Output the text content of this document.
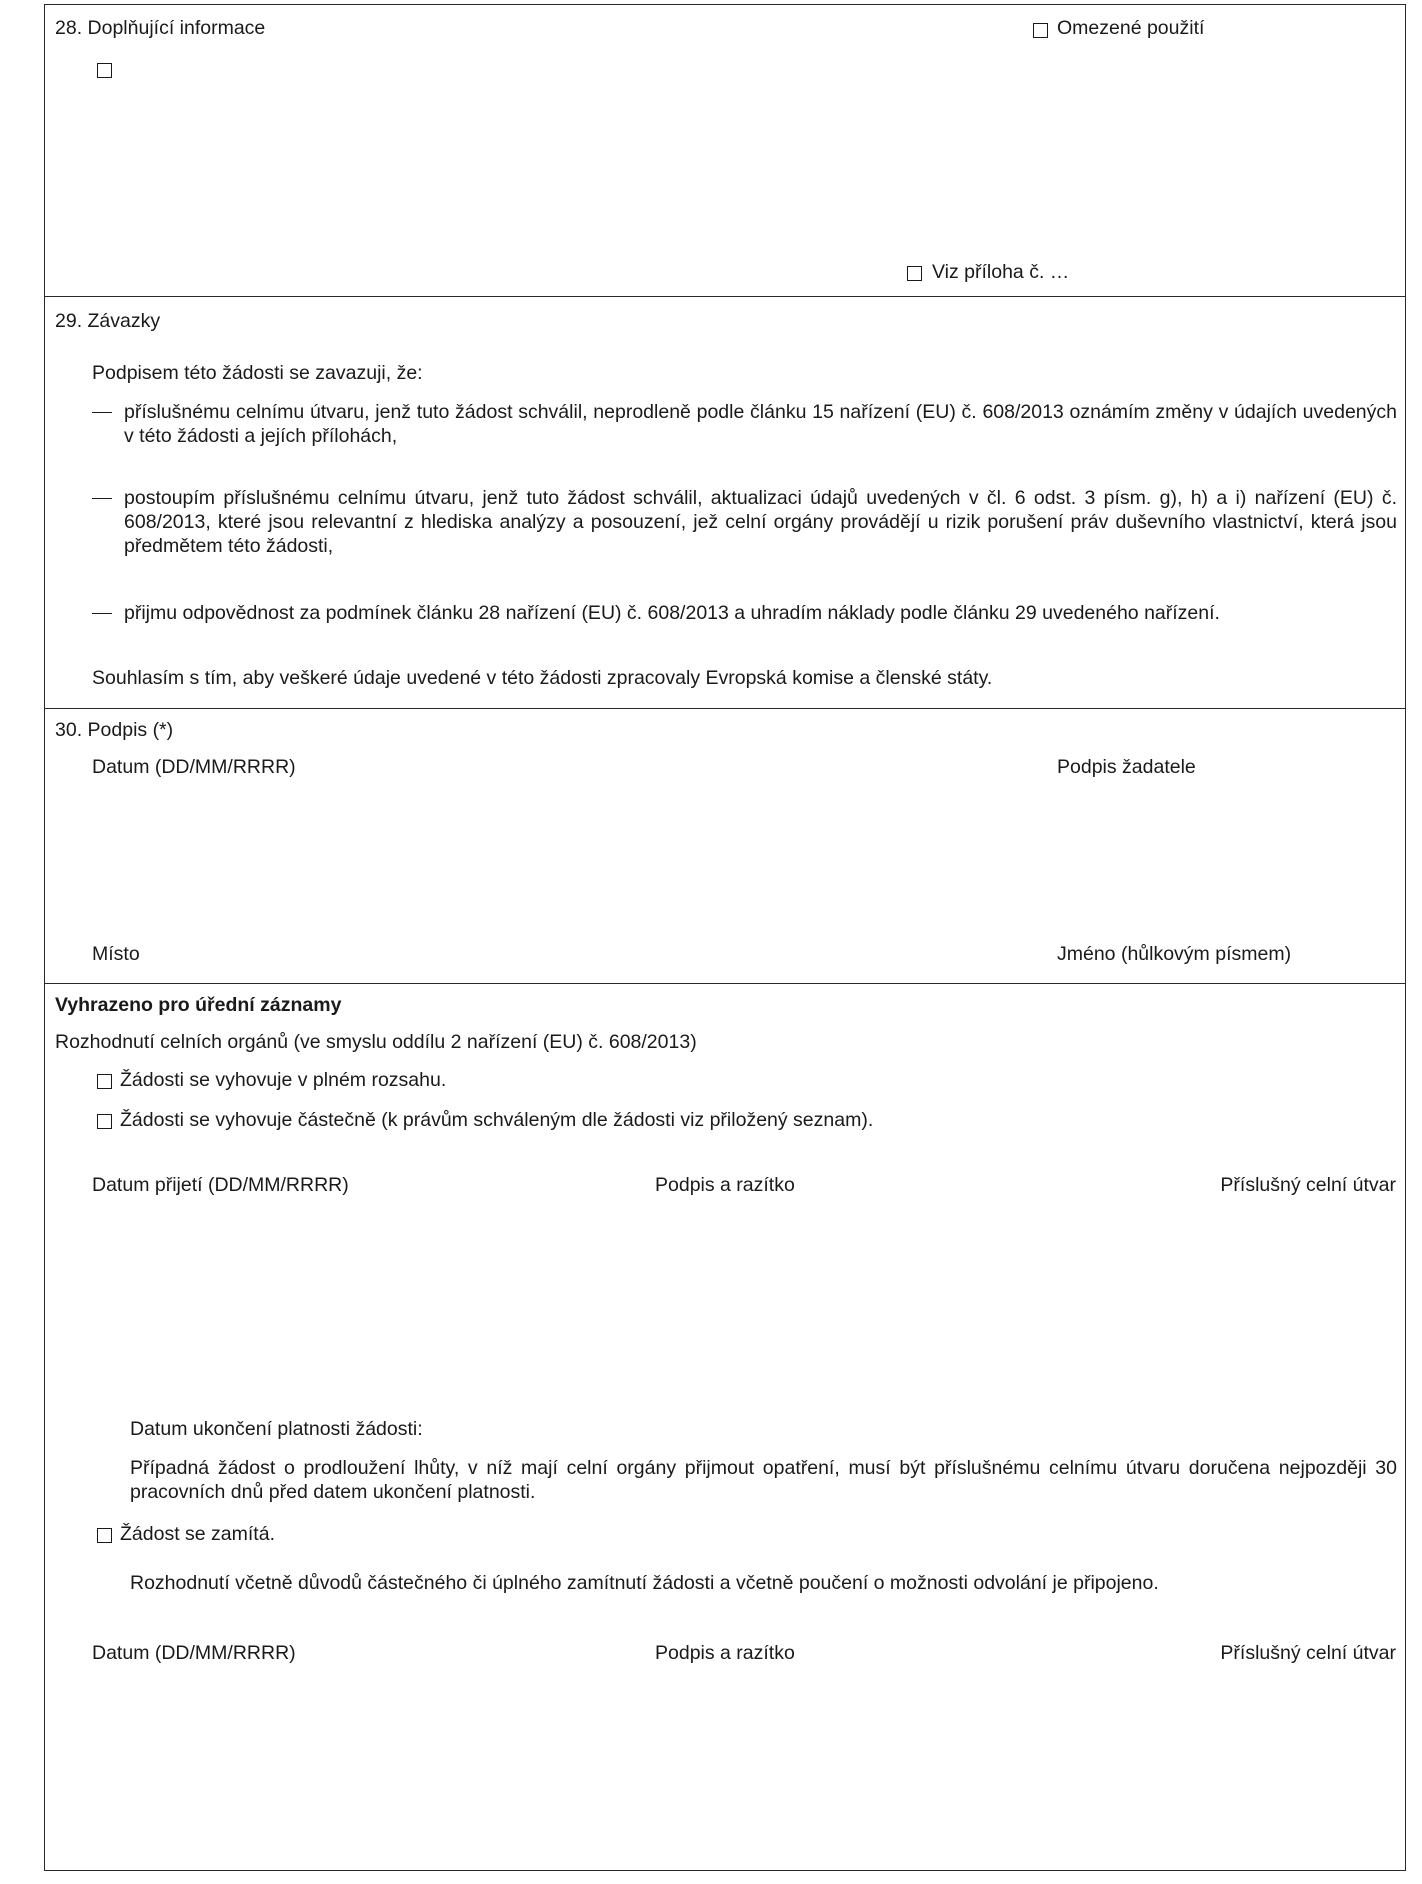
28. Doplňující informace	Omezené použití
Viz příloha č. …
29. Závazky
Podpisem této žádosti se zavazuji, že:
příslušnému celnímu útvaru, jenž tuto žádost schválil, neprodleně podle článku 15 nařízení (EU) č. 608/2013 oznámím změny v údajích uvedených v této žádosti a jejích přílohách,
postoupím příslušnému celnímu útvaru, jenž tuto žádost schválil, aktualizaci údajů uvedených v čl. 6 odst. 3 písm. g), h) a i) nařízení (EU) č. 608/2013, které jsou relevantní z hlediska analýzy a posouzení, jež celní orgány provádějí u rizik porušení práv duševního vlastnictví, která jsou předmětem této žádosti,
přijmu odpovědnost za podmínek článku 28 nařízení (EU) č. 608/2013 a uhradím náklady podle článku 29 uvedeného nařízení.
Souhlasím s tím, aby veškeré údaje uvedené v této žádosti zpracovaly Evropská komise a členské státy.
30. Podpis (*)
Datum (DD/MM/RRRR)	Podpis žadatele
Místo	Jméno (hůlkovým písmem)
Vyhrazeno pro úřední záznamy
Rozhodnutí celních orgánů (ve smyslu oddílu 2 nařízení (EU) č. 608/2013)
Žádosti se vyhovuje v plném rozsahu.
Žádosti se vyhovuje částečně (k právům schváleným dle žádosti viz přiložený seznam).
Datum přijetí (DD/MM/RRRR)	Podpis a razítko	Příslušný celní útvar
Datum ukončení platnosti žádosti:
Případná žádost o prodloužení lhůty, v níž mají celní orgány přijmout opatření, musí být příslušnému celnímu útvaru doručena nejpozději 30 pracovních dnů před datem ukončení platnosti.
Žádost se zamítá.
Rozhodnutí včetně důvodů částečného či úplného zamítnutí žádosti a včetně poučení o možnosti odvolání je připojeno.
Datum (DD/MM/RRRR)	Podpis a razítko	Příslušný celní útvar
